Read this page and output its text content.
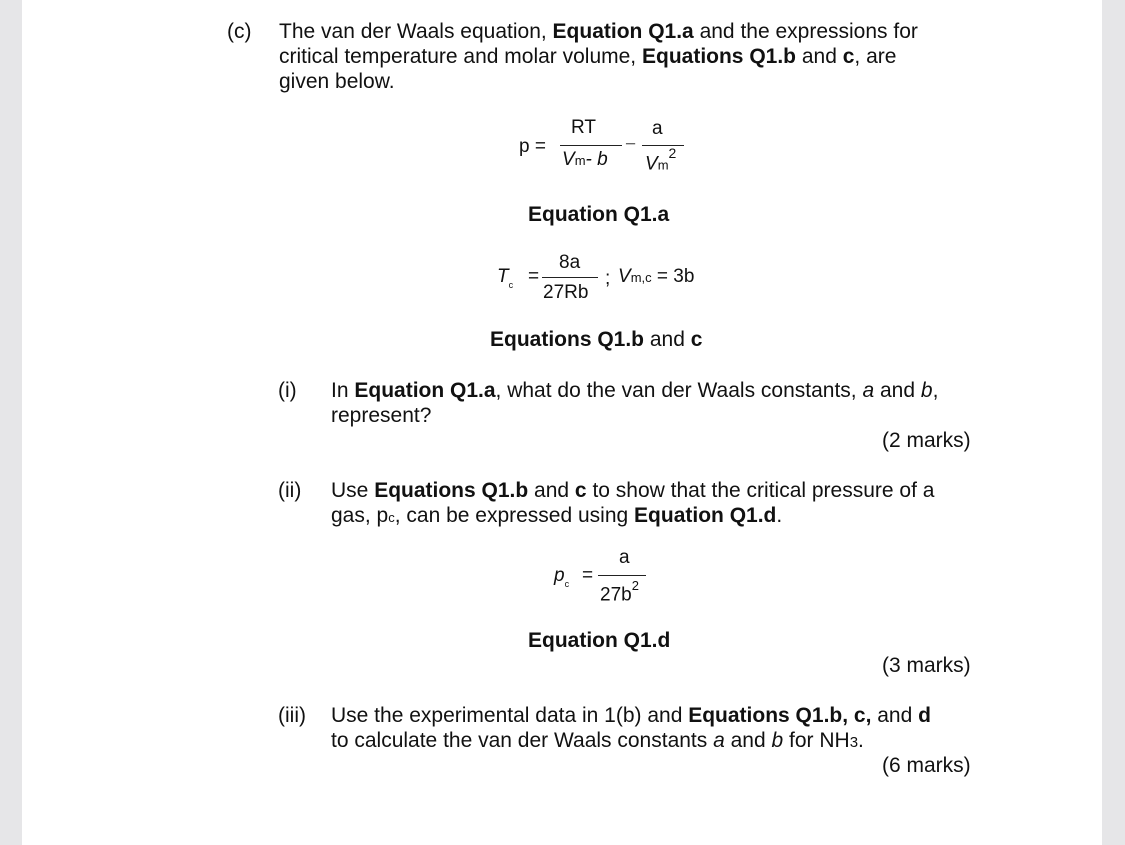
(c) The van der Waals equation, Equation Q1.a and the expressions for
critical temperature and molar volume, Equations Q1.b and c, are
given below.
p =
RT
Vm- b
−
a
Vm$^2$
Equation Q1.a
$T_c$ =
8a
27Rb
; Vm,c = 3b
Equations Q1.b and c
(i) In Equation Q1.a, what do the van der Waals constants, a and b,
represent?
(2 marks)
(ii) Use Equations Q1.b and c to show that the critical pressure of a
gas, pc, can be expressed using Equation Q1.d.
$p_c$ =
a
$27b^2$
Equation Q1.d
(3 marks)
(iii) Use the experimental data in 1(b) and Equations Q1.b, c, and d
to calculate the van der Waals constants a and b for NH3.
(6 marks)
